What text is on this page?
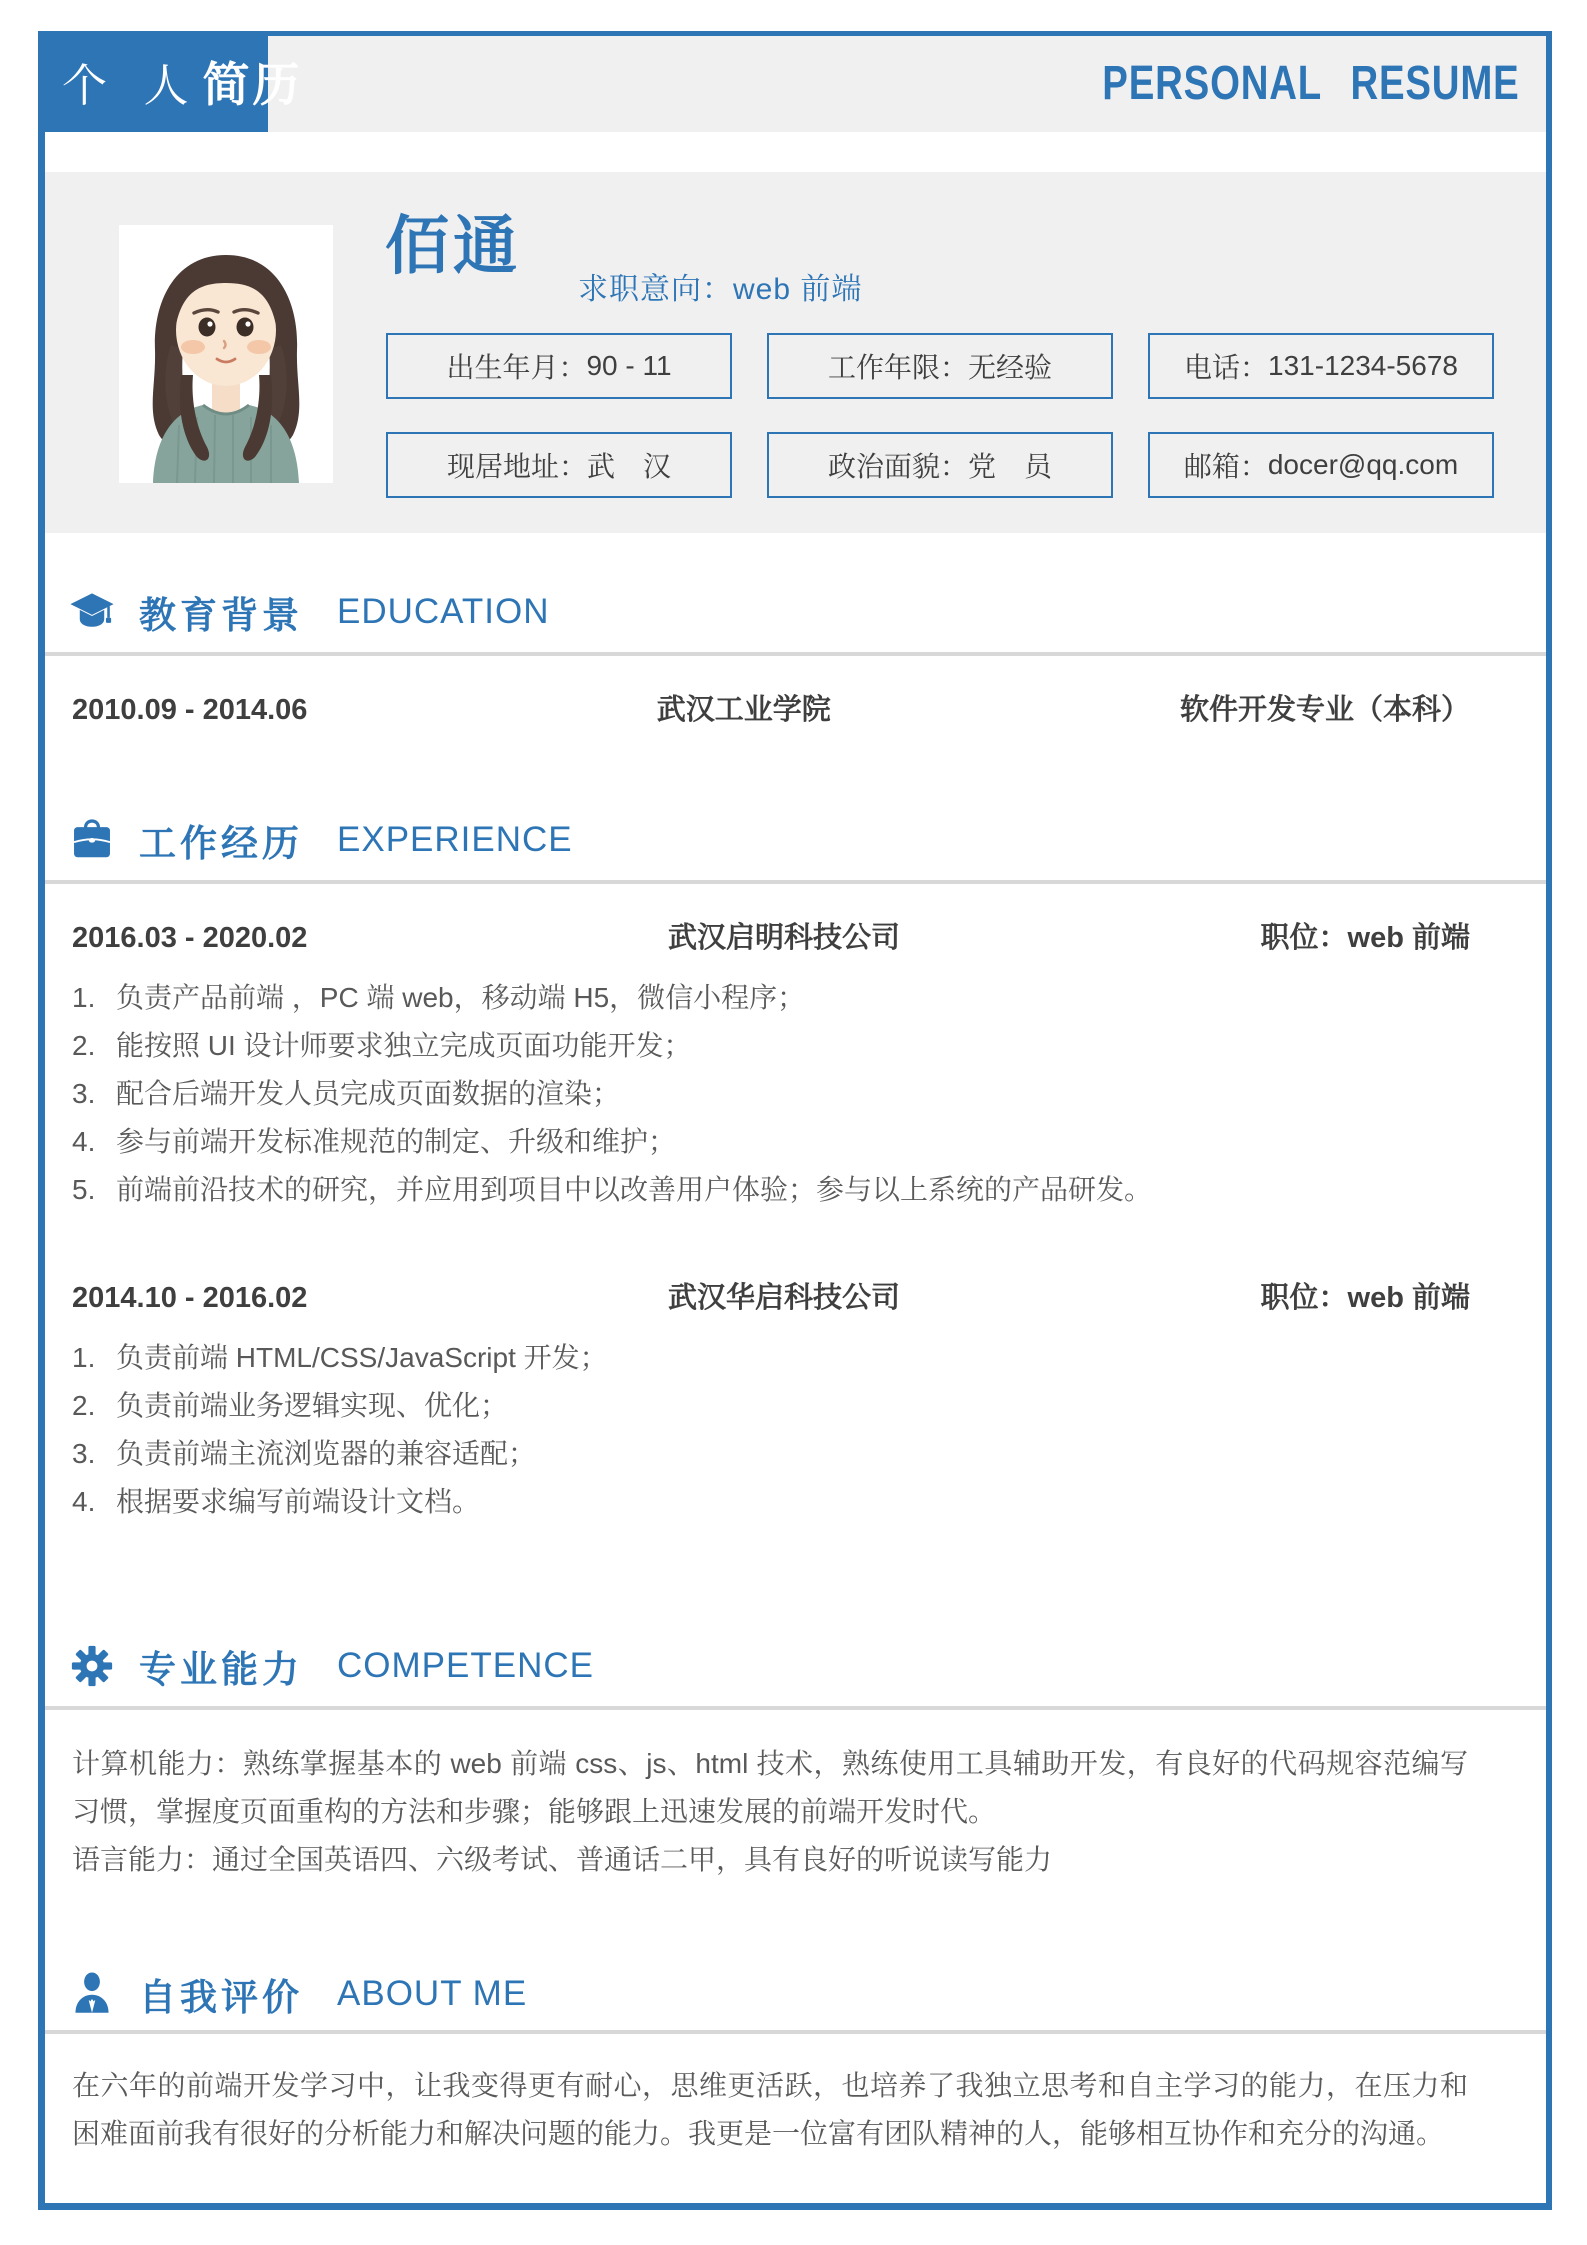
PERSONAL RESUME
个 人 简历
佰通
求职意向：web 前端
出生年月： 90 - 11	工作年限： 无经验	电话： 131-1234-5678
现居地址： 武　汉	政治面貌： 党　员	邮箱： docer@qq.com
教育背景 EDUCATION
2010.09 - 2014.06	武汉工业学院	软件开发专业（本科）
工作经历 EXPERIENCE
2016.03 - 2020.02	武汉启明科技公司	职位：web 前端
负责产品前端 ，PC 端 web，移动端 H5，微信小程序；
能按照 UI 设计师要求独立完成页面功能开发；
配合后端开发人员完成页面数据的渲染；
参与前端开发标准规范的制定、升级和维护；
前端前沿技术的研究，并应用到项目中以改善用户体验；参与以上系统的产品研发。
2014.10 - 2016.02	武汉华启科技公司	职位：web 前端
负责前端 HTML/CSS/JavaScript 开发；
负责前端业务逻辑实现、优化；
负责前端主流浏览器的兼容适配；
根据要求编写前端设计文档。
专业能力 COMPETENCE

计算机能力：熟练掌握基本的 web 前端 css、js、html 技术，熟练使用工具辅助开发，有良好的代码规容范编写习惯，掌握度页面重构的方法和步骤；能够跟上迅速发展的前端开发时代。

语言能力：通过全国英语四、六级考试、普通话二甲，具有良好的听说读写能力

自我评价 ABOUT ME

在六年的前端开发学习中，让我变得更有耐心，思维更活跃，也培养了我独立思考和自主学习的能力，在压力和困难面前我有很好的分析能力和解决问题的能力。我更是一位富有团队精神的人，能够相互协作和充分的沟通。
